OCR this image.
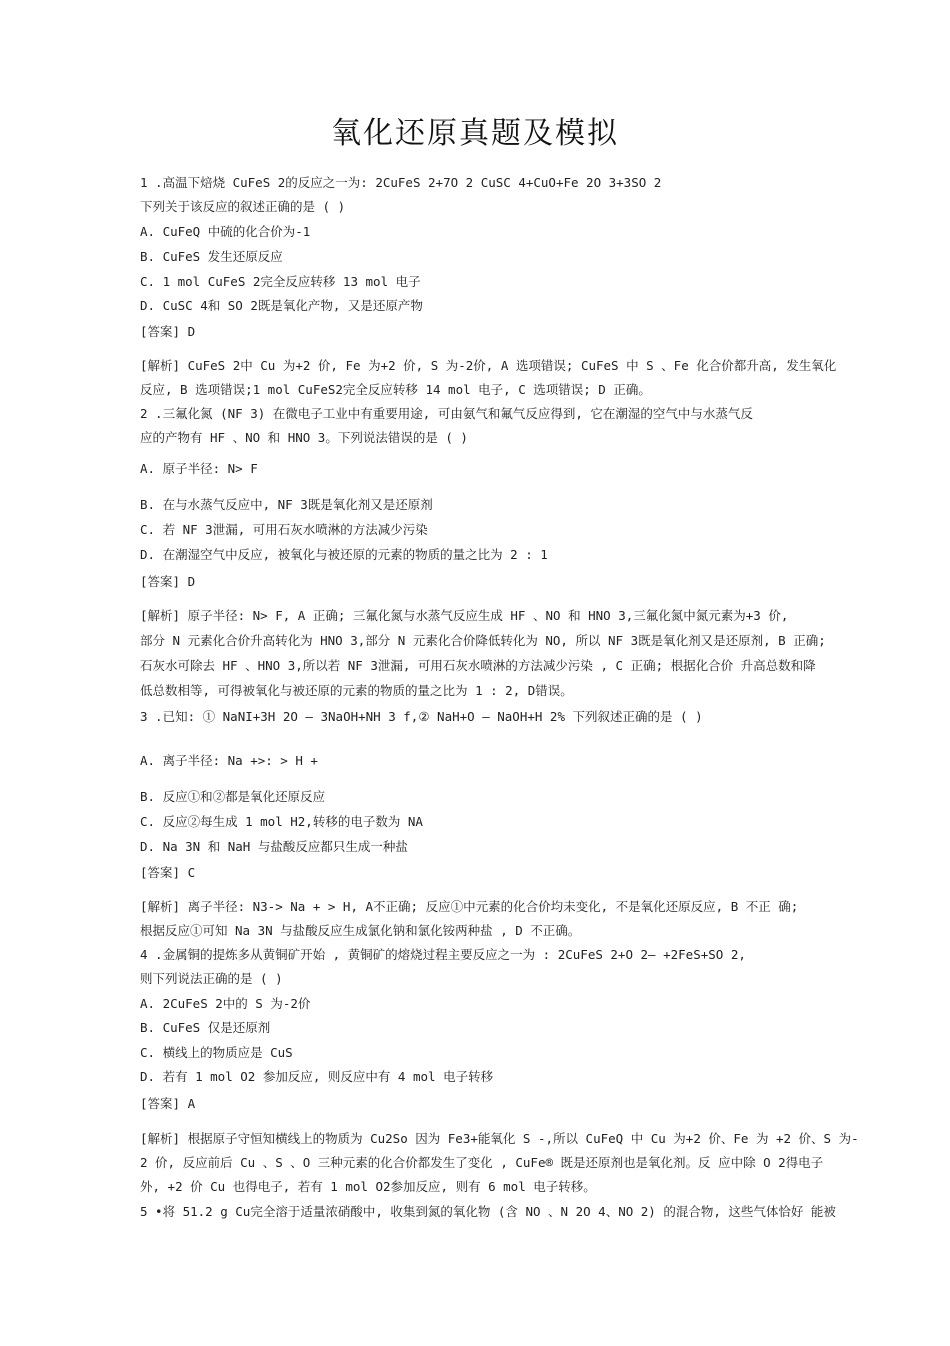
氧化还原真题及模拟
1 .高温下焙烧 CuFeS 2的反应之一为: 2CuFeS 2+7O 2 CuSC 4+CuO+Fe 2O 3+3SO 2
下列关于该反应的叙述正确的是 ( )
A. CuFeQ 中硫的化合价为-1
B. CuFeS 发生还原反应
C. 1 mol CuFeS 2完全反应转移 13 mol 电子
D. CuSC 4和 SO 2既是氧化产物, 又是还原产物
[答案] D
[解析] CuFeS 2中 Cu 为+2 价, Fe 为+2 价, S 为-2价, A 选项错误; CuFeS 中 S 、Fe 化合价都升高, 发生氧化
反应, B 选项错误;1 mol CuFeS2完全反应转移 14 mol 电子, C 选项错误; D 正确。
2 .三氟化氮 (NF 3) 在微电子工业中有重要用途, 可由氨气和氟气反应得到, 它在潮湿的空气中与水蒸气反
应的产物有 HF 、NO 和 HNO 3。下列说法错误的是 ( )
A. 原子半径: N> F
B. 在与水蒸气反应中, NF 3既是氧化剂又是还原剂
C. 若 NF 3泄漏, 可用石灰水喷淋的方法减少污染
D. 在潮湿空气中反应, 被氧化与被还原的元素的物质的量之比为 2 : 1
[答案] D
[解析] 原子半径: N> F, A 正确; 三氟化氮与水蒸气反应生成 HF 、NO 和 HNO 3,三氟化氮中氮元素为+3 价,
部分 N 元素化合价升高转化为 HNO 3,部分 N 元素化合价降低转化为 NO, 所以 NF 3既是氧化剂又是还原剂, B 正确;
石灰水可除去 HF 、HNO 3,所以若 NF 3泄漏, 可用石灰水喷淋的方法减少污染 , C 正确; 根据化合价 升高总数和降
低总数相等, 可得被氧化与被还原的元素的物质的量之比为 1 : 2, D错误。
3 .已知: ① NaNI+3H 2O — 3NaOH+NH 3 f,② NaH+O — NaOH+H 2% 下列叙述正确的是 ( )
A. 离子半径: Na +>: > H +
B. 反应①和②都是氧化还原反应
C. 反应②每生成 1 mol H2,转移的电子数为 NA
D. Na 3N 和 NaH 与盐酸反应都只生成一种盐
[答案] C
[解析] 离子半径: N3-> Na + > H, A不正确; 反应①中元素的化合价均未变化, 不是氧化还原反应, B 不正 确;
根据反应①可知 Na 3N 与盐酸反应生成氯化钠和氯化铵两种盐 , D 不正确。
4 .金属铜的提炼多从黄铜矿开始 , 黄铜矿的熔烧过程主要反应之一为 : 2CuFeS 2+O 2— +2FeS+SO 2,
则下列说法正确的是 ( )
A. 2CuFeS 2中的 S 为-2价
B. CuFeS 仅是还原剂
C. 横线上的物质应是 CuS
D. 若有 1 mol O2 参加反应, 则反应中有 4 mol 电子转移
[答案] A
[解析] 根据原子守恒知横线上的物质为 Cu2So 因为 Fe3+能氧化 S -,所以 CuFeQ 中 Cu 为+2 价、Fe 为 +2 价、S 为-
2 价, 反应前后 Cu 、S 、O 三种元素的化合价都发生了变化 , CuFe® 既是还原剂也是氧化剂。反 应中除 O 2得电子
外, +2 价 Cu 也得电子, 若有 1 mol O2参加反应, 则有 6 mol 电子转移。
5 •将 51.2 g Cu完全溶于适量浓硝酸中, 收集到氮的氧化物 (含 NO 、N 2O 4、NO 2) 的混合物, 这些气体恰好 能被
